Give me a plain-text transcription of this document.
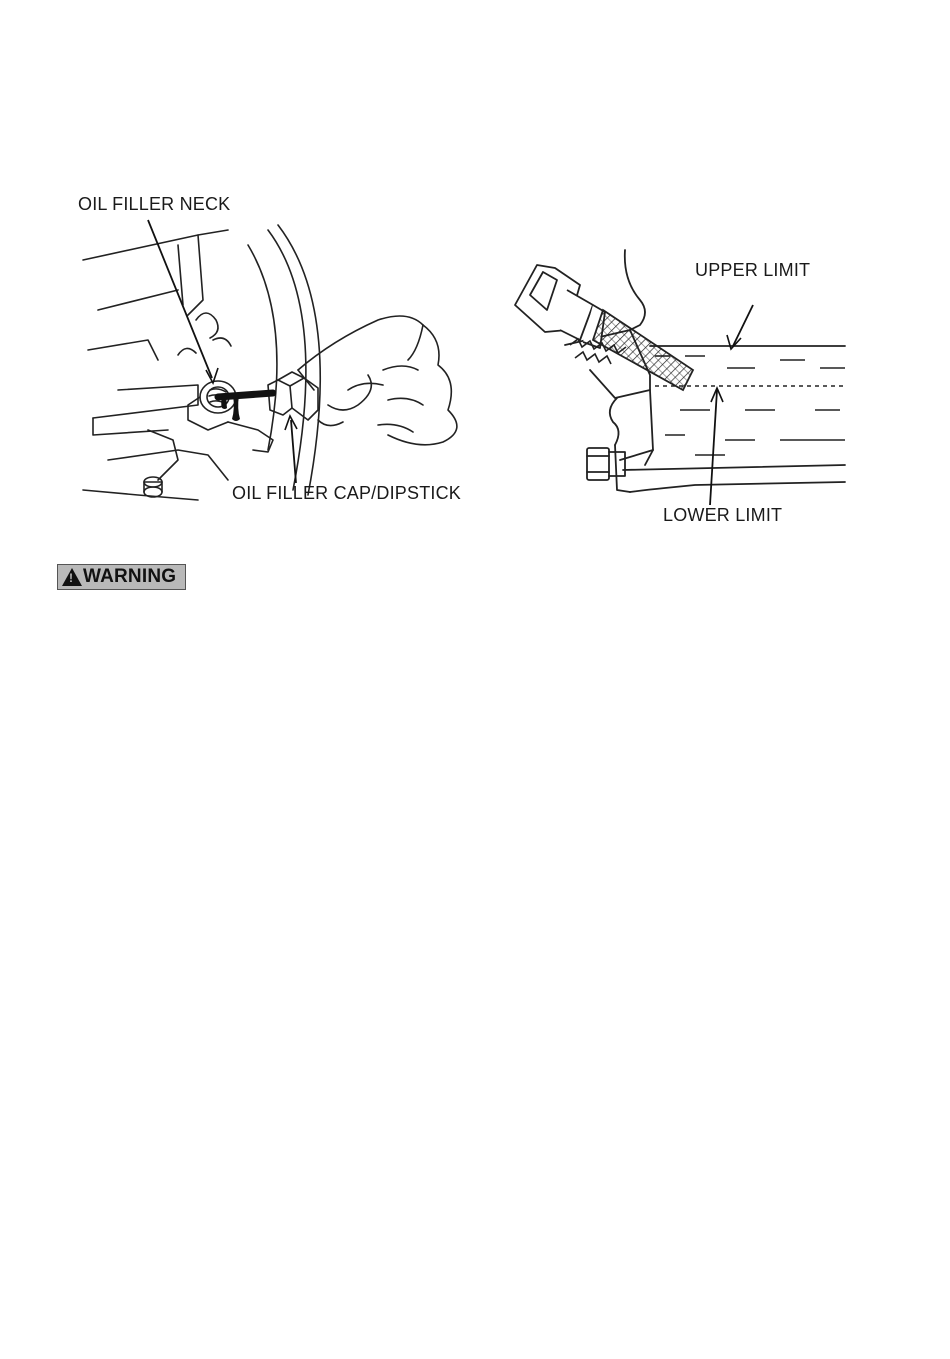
OIL FILLER NECK
OIL FILLER CAP/DIPSTICK
UPPER LIMIT
LOWER LIMIT
!
WARNING
